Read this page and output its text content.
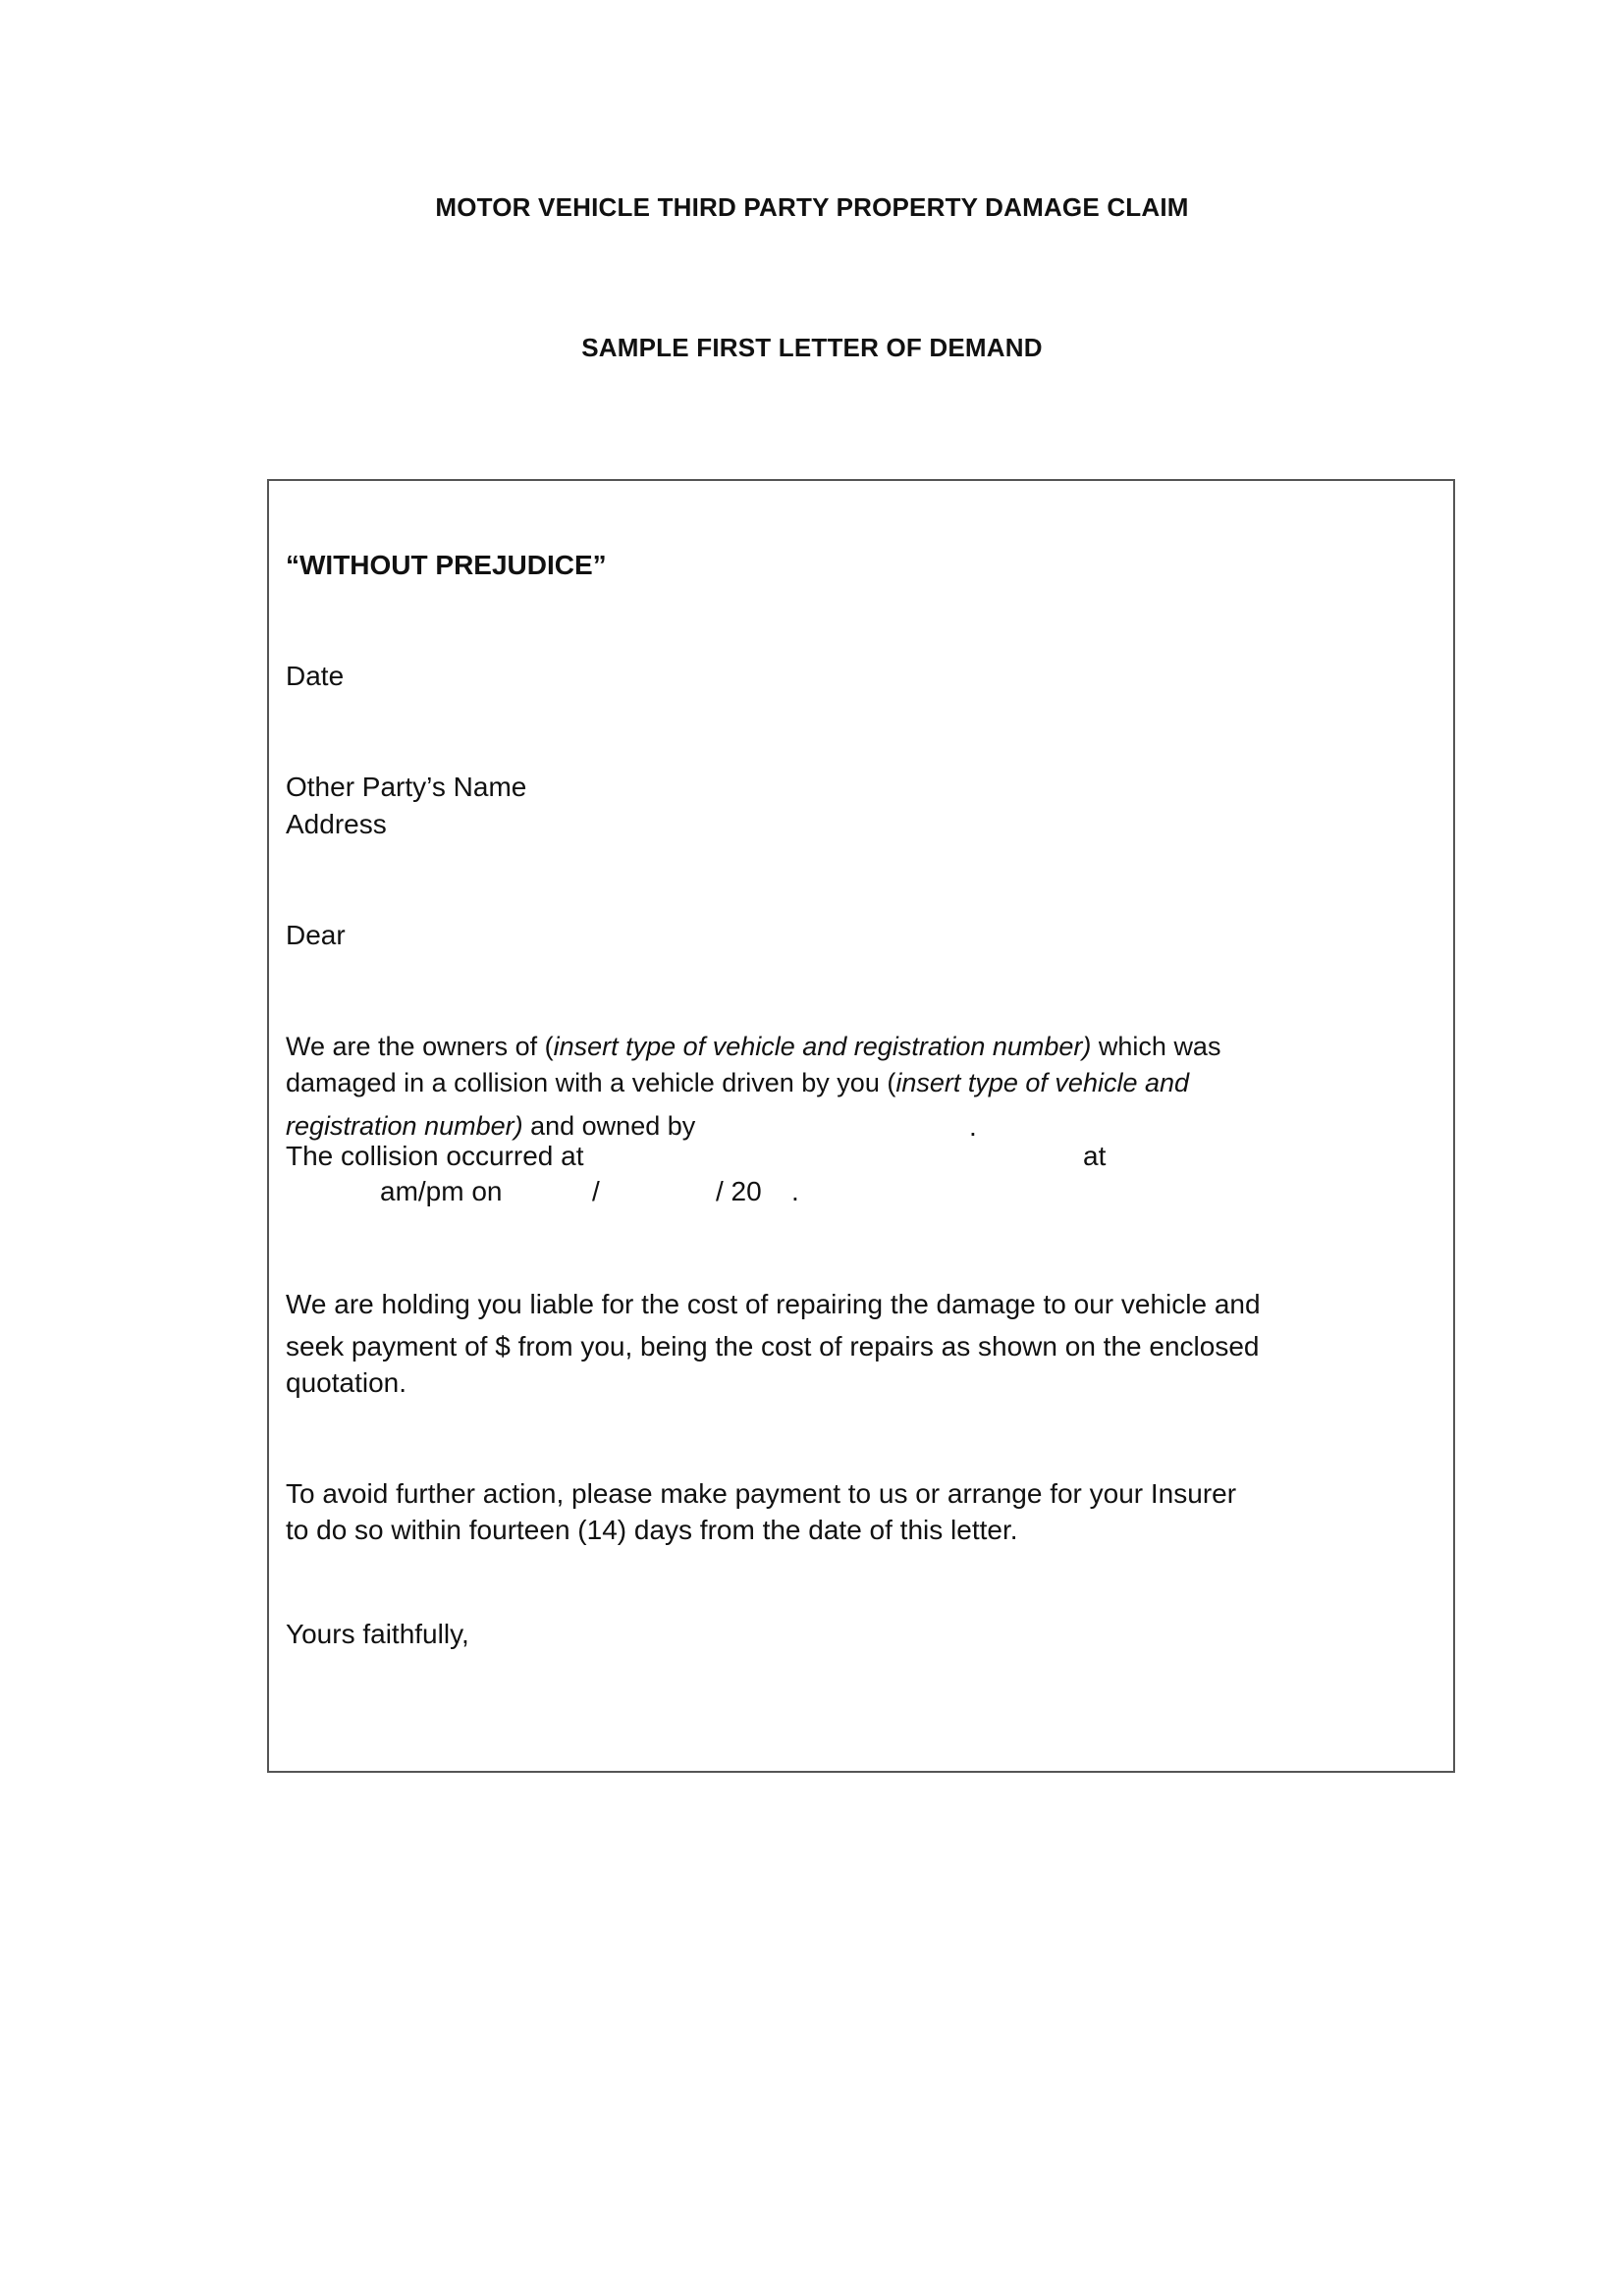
MOTOR VEHICLE THIRD PARTY PROPERTY DAMAGE CLAIM
SAMPLE FIRST LETTER OF DEMAND

“WITHOUT PREJUDICE”

Date

Other Party’s Name

Address

Dear

We are the owners of (insert type of vehicle and registration number) which was

damaged in a collision with a vehicle driven by you (insert type of vehicle and

registration number) and owned by	.

The collision occurred at	at
am/pm on	/	/ 20 .

We are holding you liable for the cost of repairing the damage to our vehicle and

seek payment of $ from you, being the cost of repairs as shown on the enclosed

quotation.

To avoid further action, please make payment to us or arrange for your Insurer

to do so within fourteen (14) days from the date of this letter.

Yours faithfully,
